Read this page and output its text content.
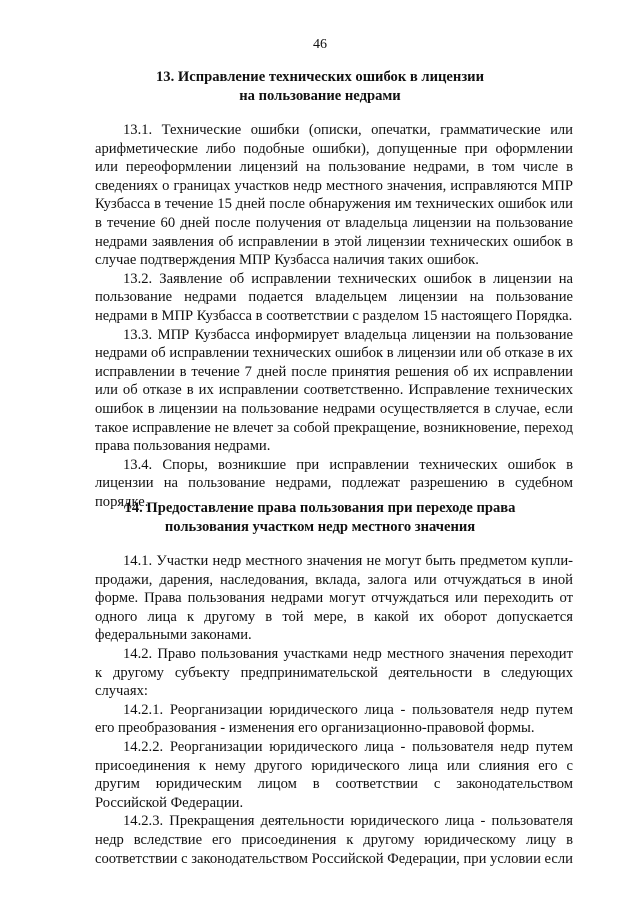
46
13. Исправление технических ошибок в лицензии
на пользование недрами

13.1. Технические ошибки (описки, опечатки, грамматические или арифметические либо подобные ошибки), допущенные при оформлении или переоформлении лицензий на пользование недрами, в том числе в сведениях о границах участков недр местного значения, исправляются МПР Кузбасса в течение 15 дней после обнаружения им технических ошибок или в течение 60 дней после получения от владельца лицензии на пользование недрами заявления об исправлении в этой лицензии технических ошибок в случае подтверждения МПР Кузбасса наличия таких ошибок.

13.2. Заявление об исправлении технических ошибок в лицензии на пользование недрами подается владельцем лицензии на пользование недрами в МПР Кузбасса в соответствии с разделом 15 настоящего Порядка.

13.3. МПР Кузбасса информирует владельца лицензии на пользование недрами об исправлении технических ошибок в лицензии или об отказе в их исправлении в течение 7 дней после принятия решения об их исправлении или об отказе в их исправлении соответственно. Исправление технических ошибок в лицензии на пользование недрами осуществляется в случае, если такое исправление не влечет за собой прекращение, возникновение, переход права пользования недрами.

13.4. Споры, возникшие при исправлении технических ошибок в лицензии на пользование недрами, подлежат разрешению в судебном порядке.

14. Предоставление права пользования при переходе права
пользования участком недр местного значения

14.1. Участки недр местного значения не могут быть предметом купли-продажи, дарения, наследования, вклада, залога или отчуждаться в иной форме. Права пользования недрами могут отчуждаться или переходить от одного лица к другому в той мере, в какой их оборот допускается федеральными законами.

14.2. Право пользования участками недр местного значения переходит к другому субъекту предпринимательской деятельности в следующих случаях:

14.2.1. Реорганизации юридического лица - пользователя недр путем его преобразования - изменения его организационно-правовой формы.

14.2.2. Реорганизации юридического лица - пользователя недр путем присоединения к нему другого юридического лица или слияния его с другим юридическим лицом в соответствии с законодательством Российской Федерации.

14.2.3. Прекращения деятельности юридического лица - пользователя недр вследствие его присоединения к другому юридическому лицу в соответствии с законодательством Российской Федерации, при условии если
